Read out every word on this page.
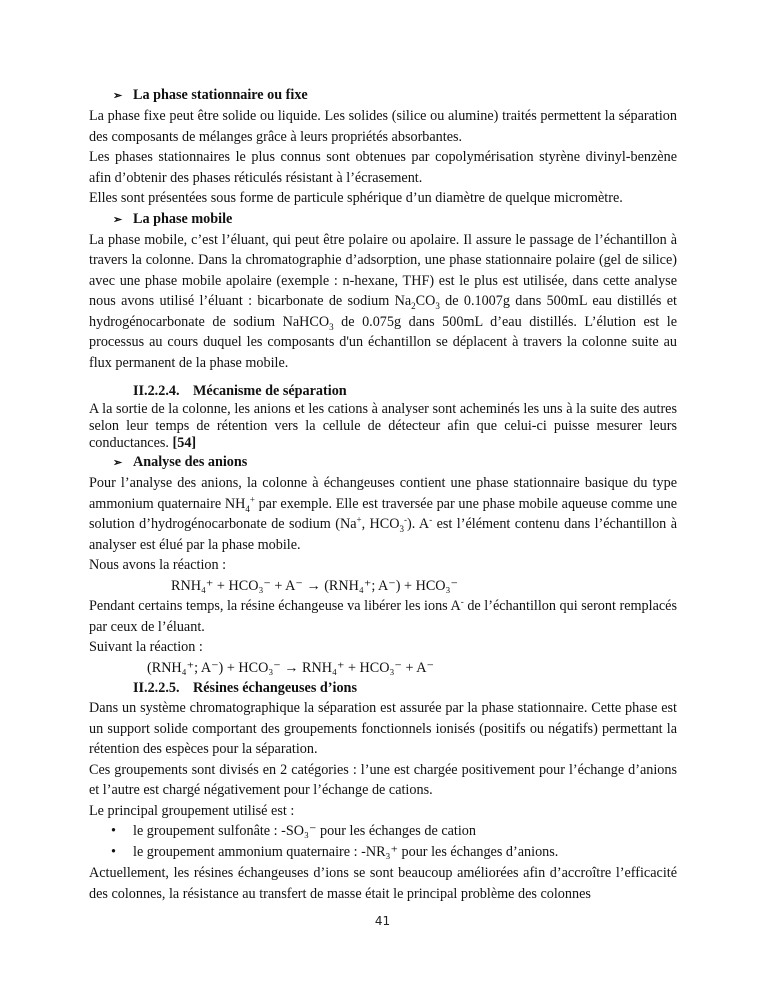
➢ La phase stationnaire ou fixe

La phase fixe peut être solide ou liquide. Les solides (silice ou alumine) traités permettent la séparation des composants de mélanges grâce à leurs propriétés absorbantes.

Les phases stationnaires le plus connus sont obtenues par copolymérisation styrène divinyl-benzène afin d’obtenir des phases réticulés résistant à l’écrasement.

Elles sont présentées sous forme de particule sphérique d’un diamètre de quelque micromètre.

➢ La phase mobile

La phase mobile, c’est l’éluant, qui peut être polaire ou apolaire. Il assure le passage de l’échantillon à travers la colonne. Dans la chromatographie d’adsorption, une phase stationnaire polaire (gel de silice) avec une phase mobile apolaire (exemple : n-hexane, THF) est le plus est utilisée, dans cette analyse nous avons utilisé l’éluant : bicarbonate de sodium $Na_2CO_3$ de 0.1007g dans 500mL eau distillés et hydrogénocarbonate de sodium NaHCO$_3$ de 0.075g dans 500mL d’eau distillés. L’élution est le processus au cours duquel les composants d'un échantillon se déplacent à travers la colonne suite au flux permanent de la phase mobile.

II.2.2.4. Mécanisme de séparation

A la sortie de la colonne, les anions et les cations à analyser sont acheminés les uns à la suite des autres selon leur temps de rétention vers la cellule de détecteur afin que celui-ci puisse mesurer leurs conductances. [54]

➢ Analyse des anions

Pour l’analyse des anions, la colonne à échangeuses contient une phase stationnaire basique du type ammonium quaternaire $NH_4^+$ par exemple. Elle est traversée par une phase mobile aqueuse comme une solution d’hydrogénocarbonate de sodium (Na+, $HCO_3^-$). A- est l’élément contenu dans l’échantillon à analyser est élué par la phase mobile.

Nous avons la réaction :

RNH₄⁺ + HCO₃⁻ + A⁻ → (RNH₄⁺; A⁻) + HCO₃⁻

Pendant certains temps, la résine échangeuse va libérer les ions A- de l’échantillon qui seront remplacés par ceux de l’éluant.

Suivant la réaction :

(RNH₄⁺; A⁻) + HCO₃⁻ → RNH₄⁺ + HCO₃⁻ + A⁻

II.2.2.5. Résines échangeuses d’ions

Dans un système chromatographique la séparation est assurée par la phase stationnaire. Cette phase est un support solide comportant des groupements fonctionnels ionisés (positifs ou négatifs) permettant la rétention des espèces pour la séparation.

Ces groupements sont divisés en 2 catégories : l’une est chargée positivement pour l’échange d’anions et l’autre est chargé négativement pour l’échange de cations.

Le principal groupement utilisé est :

• le groupement sulfonâte : -SO₃⁻ pour les échanges de cation
• le groupement ammonium quaternaire : -NR₃⁺ pour les échanges d’anions.

Actuellement, les résines échangeuses d’ions se sont beaucoup améliorées afin d’accroître l’efficacité des colonnes, la résistance au transfert de masse était le principal problème des colonnes

41
